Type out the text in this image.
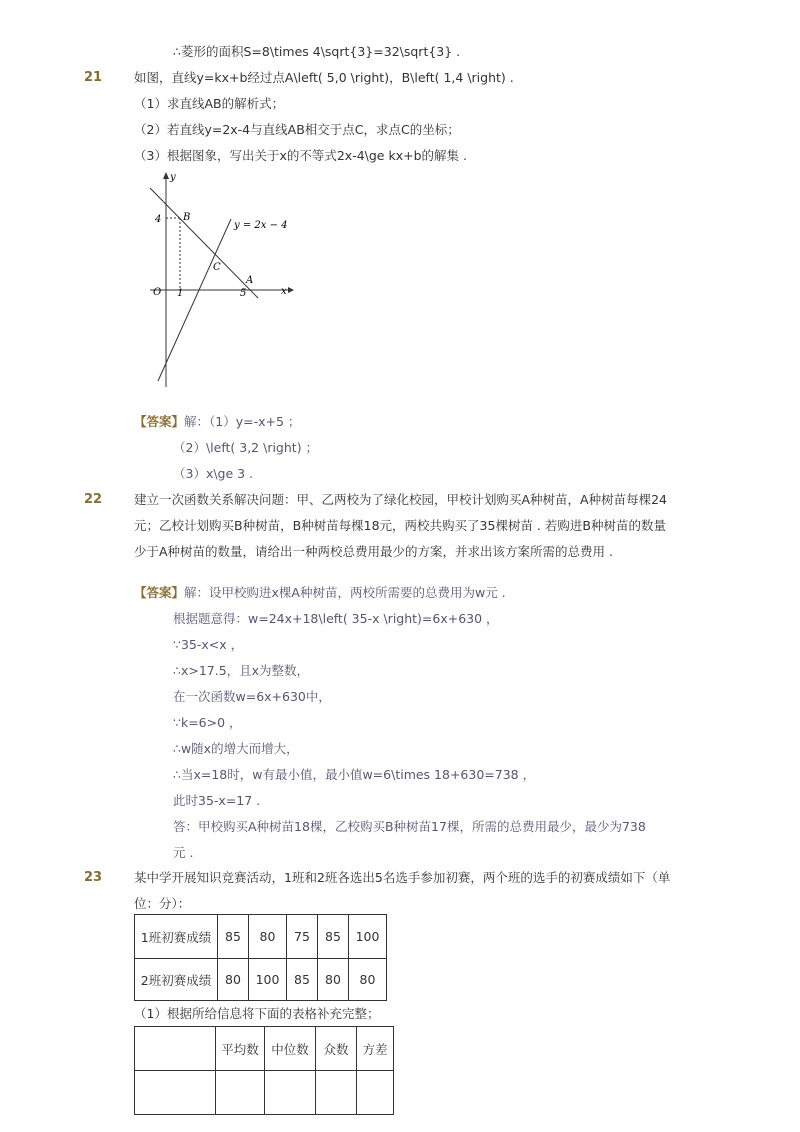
∴菱形的面积S=8\times 4\sqrt{3}=32\sqrt{3} .
21	如图，直线y=kx+b经过点A\left( 5,0 \right)，B\left( 1,4 \right) .
（1）求直线AB的解析式；
（2）若直线y=2x-4与直线AB相交于点C，求点C的坐标；
（3）根据图象，写出关于x的不等式2x-4\ge kx+b的解集 .
y
x
O 1	5
4 B
A
C
y = 2x − 4
【答案】解：（1）y=-x+5 ；
（2）\left( 3,2 \right) ；
（3）x\ge 3 .
22	建立一次函数关系解决问题：甲、乙两校为了绿化校园，甲校计划购买A种树苗，A种树苗每棵24
元；乙校计划购买B种树苗，B种树苗每棵18元，两校共购买了35棵树苗 . 若购进B种树苗的数量
少于A种树苗的数量，请给出一种两校总费用最少的方案，并求出该方案所需的总费用 .
【答案】解：设甲校购进x棵A种树苗，两校所需要的总费用为w元 .
根据题意得：w=24x+18\left( 35-x \right)=6x+630 ，
∵35-x<x ，
∴x>17.5，且x为整数，
在一次函数w=6x+630中，
∵k=6>0 ，
∴w随x的增大而增大，
∴当x=18时，w有最小值，最小值w=6\times 18+630=738 ，
此时35-x=17 .
答：甲校购买A种树苗18棵，乙校购买B种树苗17棵，所需的总费用最少，最少为738
元 .
23	某中学开展知识竞赛活动，1班和2班各选出5名选手参加初赛，两个班的选手的初赛成绩如下（单
位：分）：
1班初赛成绩	85	80	75	85	100
2班初赛成绩	80	100	85	80	80
（1）根据所给信息将下面的表格补充完整；
	平均数	中位数	众数	方差
